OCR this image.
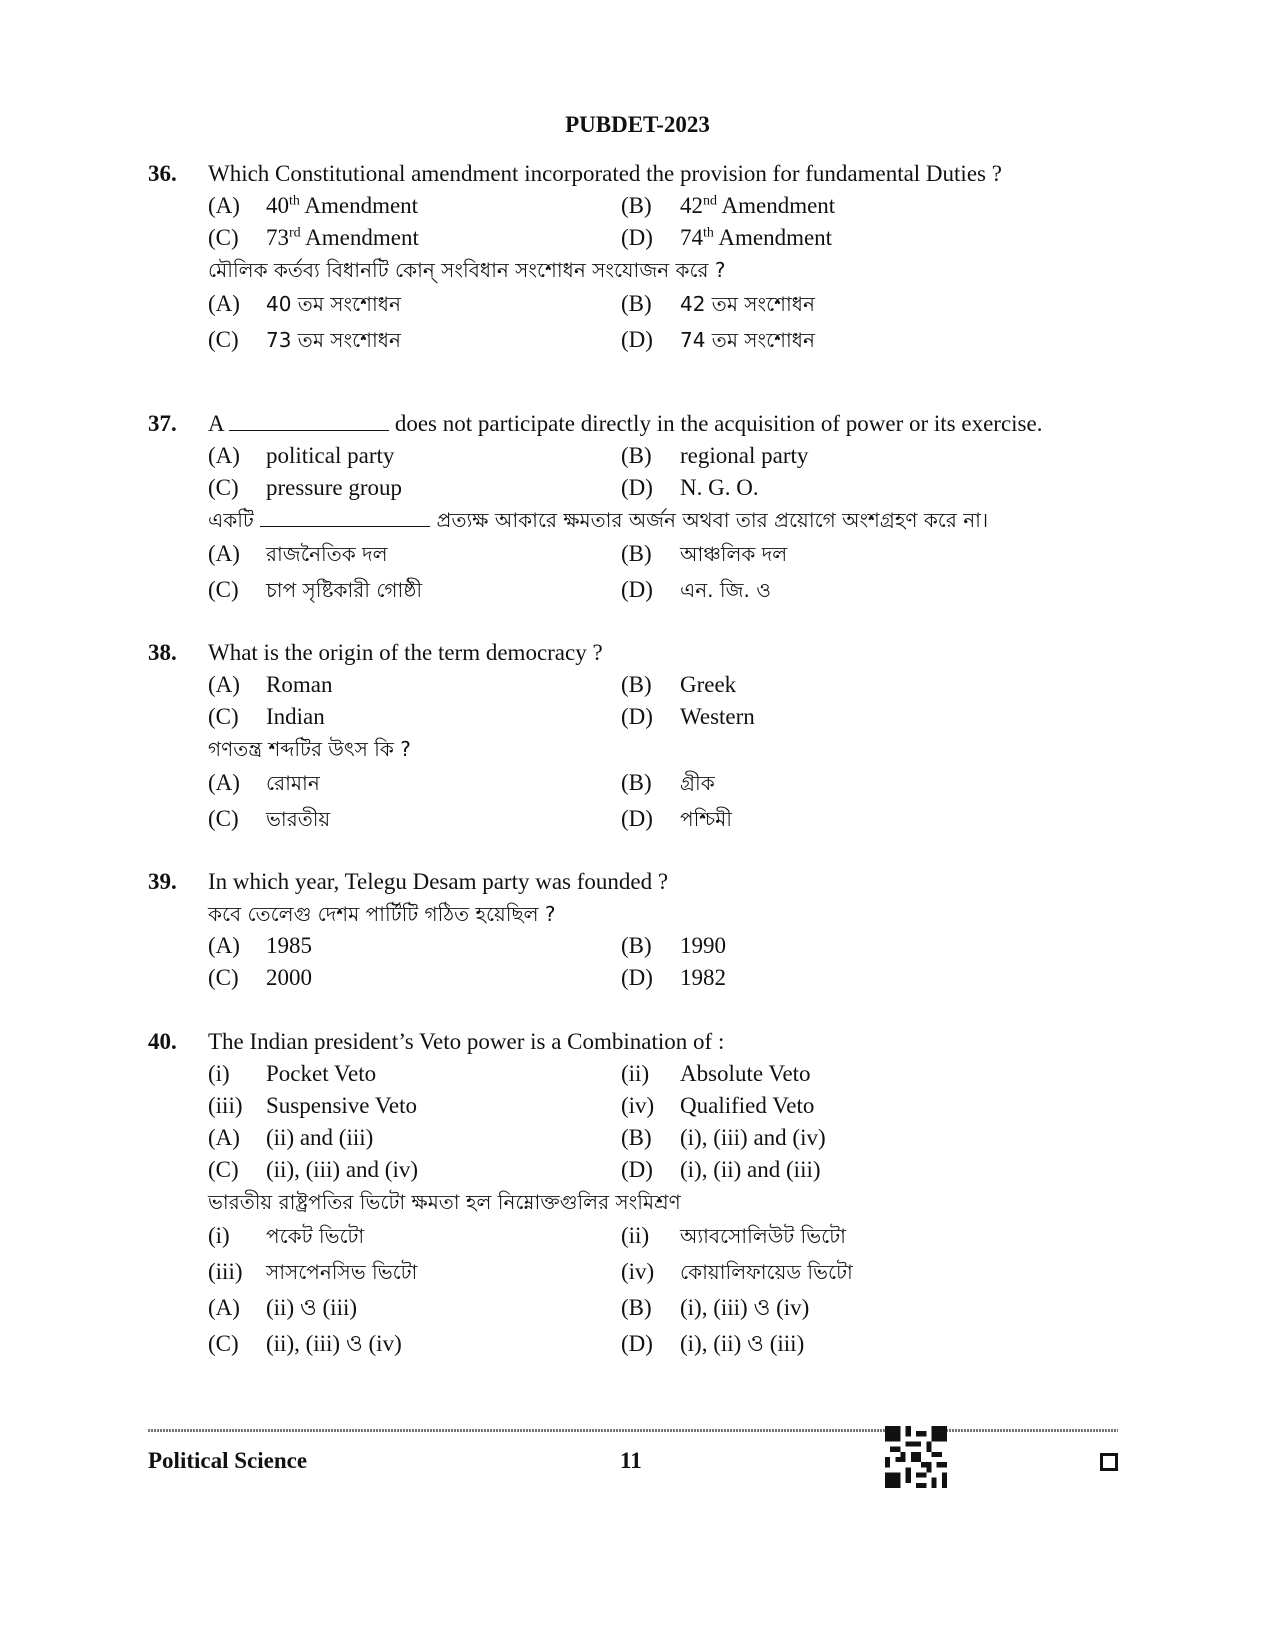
PUBDET-2023
36. Which Constitutional amendment incorporated the provision for fundamental Duties ?
(A) 40th Amendment	(B) 42nd Amendment
(C) 73rd Amendment	(D) 74th Amendment
মৌলিক কর্তব্য বিধানটি কোন্ সংবিধান সংশোধন সংযোজন করে ?
(A) 40 তম সংশোধন	(B) 42 তম সংশোধন
(C) 73 তম সংশোধন	(D) 74 তম সংশোধন
37. A	does not participate directly in the acquisition of power or its exercise.
(A) political party	(B) regional party
(C) pressure group	(D) N. G. O.
একটি	প্রত্যক্ষ আকারে ক্ষমতার অর্জন অথবা তার প্রয়োগে অংশগ্রহণ করে না।
(A) রাজনৈতিক দল	(B) আঞ্চলিক দল
(C) চাপ সৃষ্টিকারী গোষ্ঠী	(D) এন. জি. ও
38. What is the origin of the term democracy ?
(A) Roman	(B) Greek
(C) Indian	(D) Western
গণতন্ত্র শব্দটির উৎস কি ?
(A) রোমান	(B) গ্রীক
(C) ভারতীয়	(D) পশ্চিমী
39. In which year, Telegu Desam party was founded ?
কবে তেলেগু দেশম পার্টিটি গঠিত হয়েছিল ?
(A) 1985	(B) 1990
(C) 2000	(D) 1982
40. The Indian president’s Veto power is a Combination of :
(i) Pocket Veto	(ii) Absolute Veto
(iii) Suspensive Veto	(iv) Qualified Veto
(A) (ii) and (iii)	(B) (i), (iii) and (iv)
(C) (ii), (iii) and (iv)	(D) (i), (ii) and (iii)
ভারতীয় রাষ্ট্রপতির ভিটো ক্ষমতা হল নিম্নোক্তগুলির সংমিশ্রণ
(i) পকেট ভিটো	(ii) অ্যাবসোলিউট ভিটো
(iii) সাসপেনসিভ ভিটো	(iv) কোয়ালিফায়েড ভিটো
(A) (ii) ও (iii)	(B) (i), (iii) ও (iv)
(C) (ii), (iii) ও (iv)	(D) (i), (ii) ও (iii)
Political Science	11
